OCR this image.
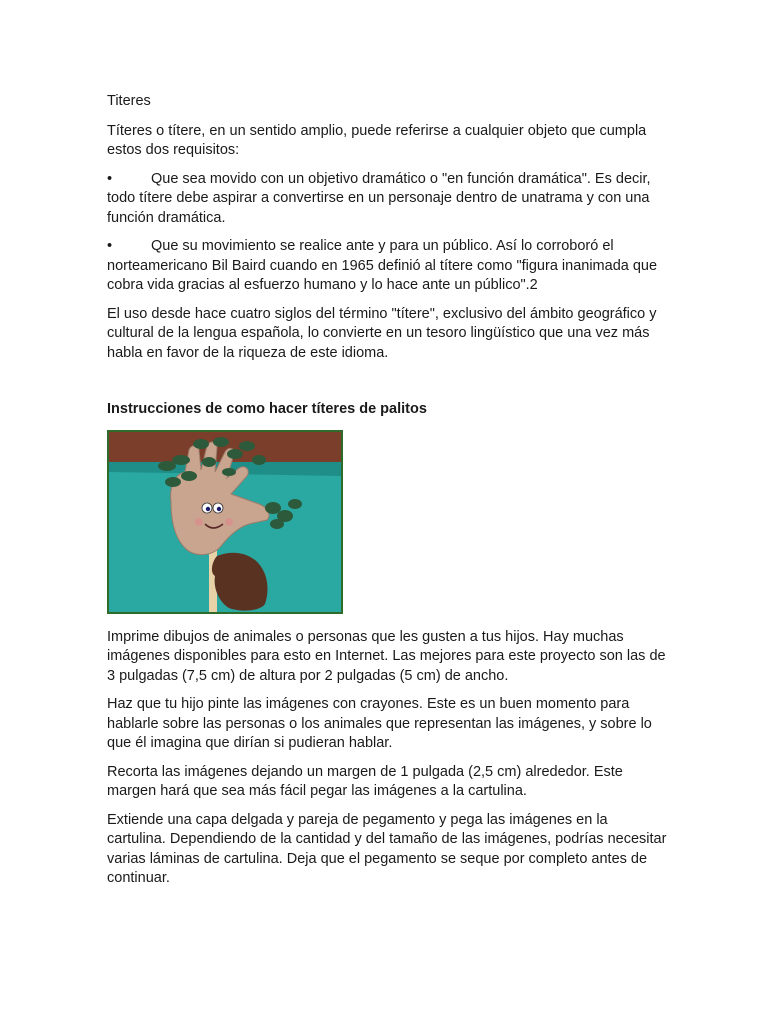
Titeres

Títeres o títere, en un sentido amplio, puede referirse a cualquier objeto que cumpla estos dos requisitos:

•	Que sea movido con un objetivo dramático o "en función dramática". Es decir, todo títere debe aspirar a convertirse en un personaje dentro de unatrama y con una función dramática.

•	Que su movimiento se realice ante y para un público. Así lo corroboró el norteamericano Bil Baird cuando en 1965 definió al títere como "figura inanimada que cobra vida gracias al esfuerzo humano y lo hace ante un público".2

El uso desde hace cuatro siglos del término "títere", exclusivo del ámbito geográfico y cultural de la lengua española, lo convierte en un tesoro lingüístico que una vez más habla en favor de la riqueza de este idioma.

Instrucciones de como hacer títeres de palitos

Imprime dibujos de animales o personas que les gusten a tus hijos. Hay muchas imágenes disponibles para esto en Internet. Las mejores para este proyecto son las de 3 pulgadas (7,5 cm) de altura por 2 pulgadas (5 cm) de ancho.

Haz que tu hijo pinte las imágenes con crayones. Este es un buen momento para hablarle sobre las personas o los animales que representan las imágenes, y sobre lo que él imagina que dirían si pudieran hablar.

Recorta las imágenes dejando un margen de 1 pulgada (2,5 cm) alrededor. Este margen hará que sea más fácil pegar las imágenes a la cartulina.

Extiende una capa delgada y pareja de pegamento y pega las imágenes en la cartulina. Dependiendo de la cantidad y del tamaño de las imágenes, podrías necesitar varias láminas de cartulina. Deja que el pegamento se seque por completo antes de continuar.
